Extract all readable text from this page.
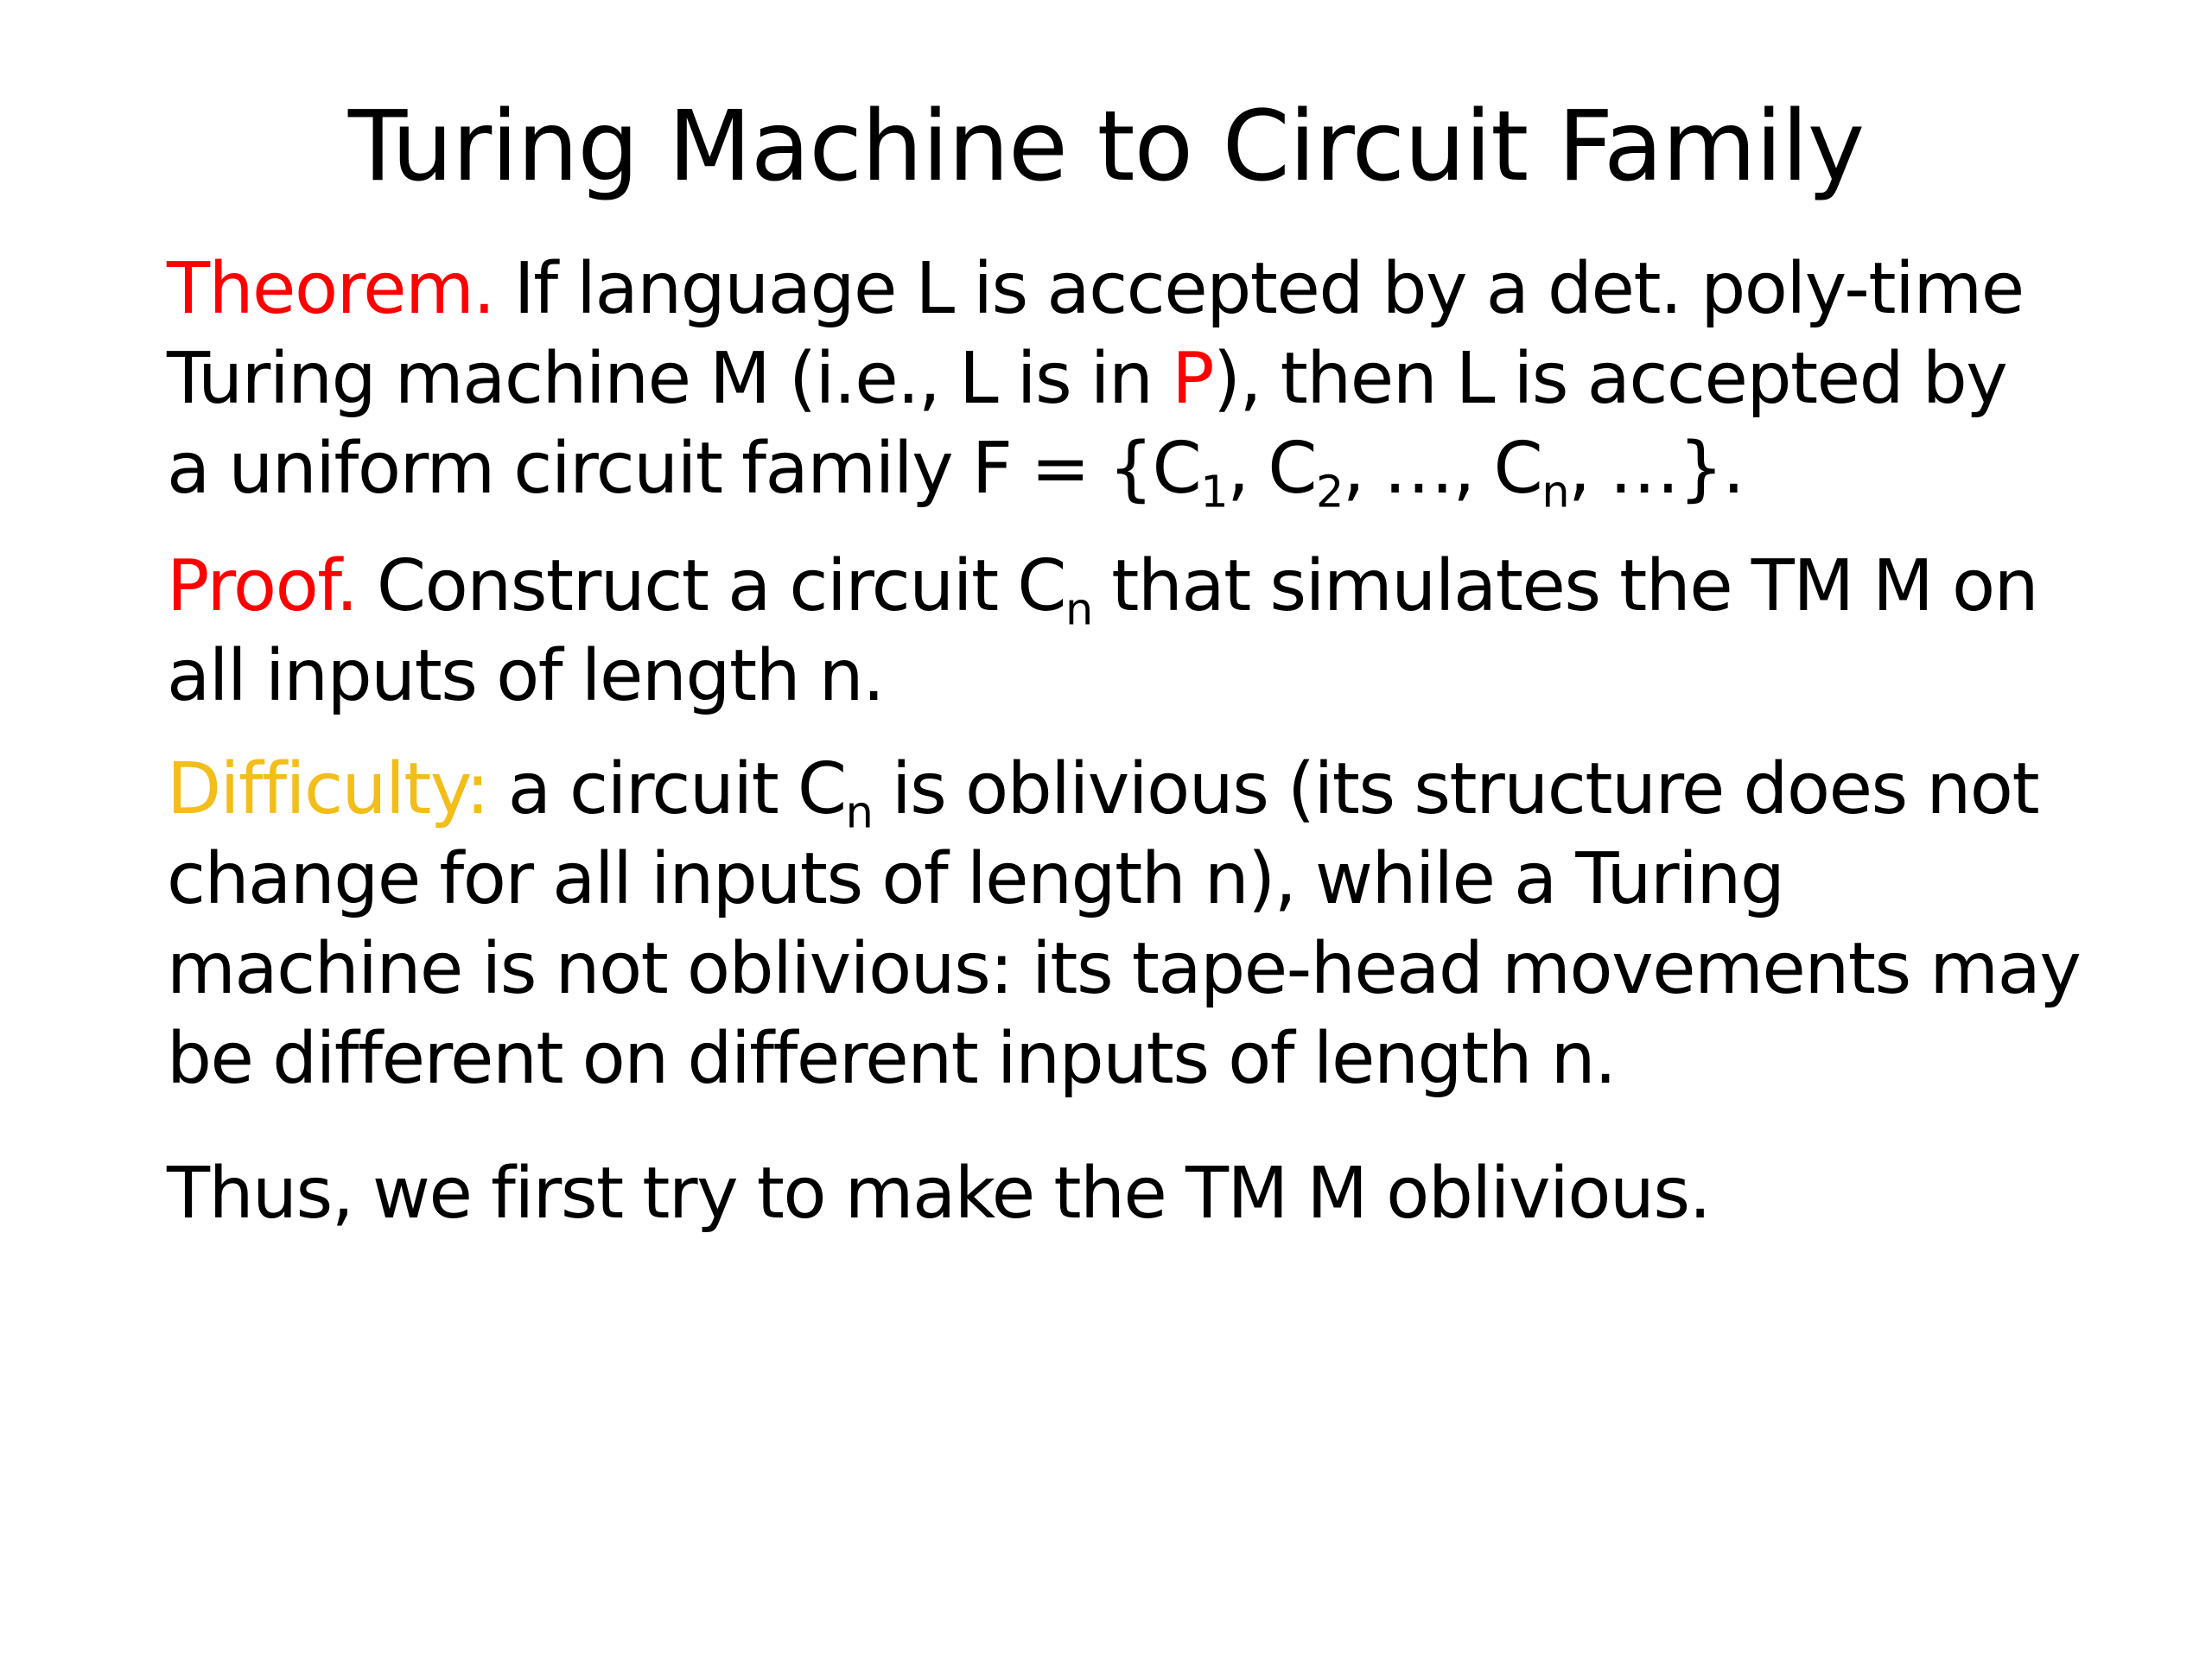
Turing Machine to Circuit Family

Theorem. If language L is accepted by a det. poly-time
Turing machine M (i.e., L is in P), then L is accepted by
a uniform circuit family $F = \{C_1$, $C_2$, …, $C_n$, …}.

Proof. Construct a circuit $C_n$ that simulates the TM M on
all inputs of length n.

Difficulty: a circuit $C_n$ is oblivious (its structure does not
change for all inputs of length n), while a Turing
machine is not oblivious: its tape-head movements may
be different on different inputs of length n.

Thus, we first try to make the TM M oblivious.
